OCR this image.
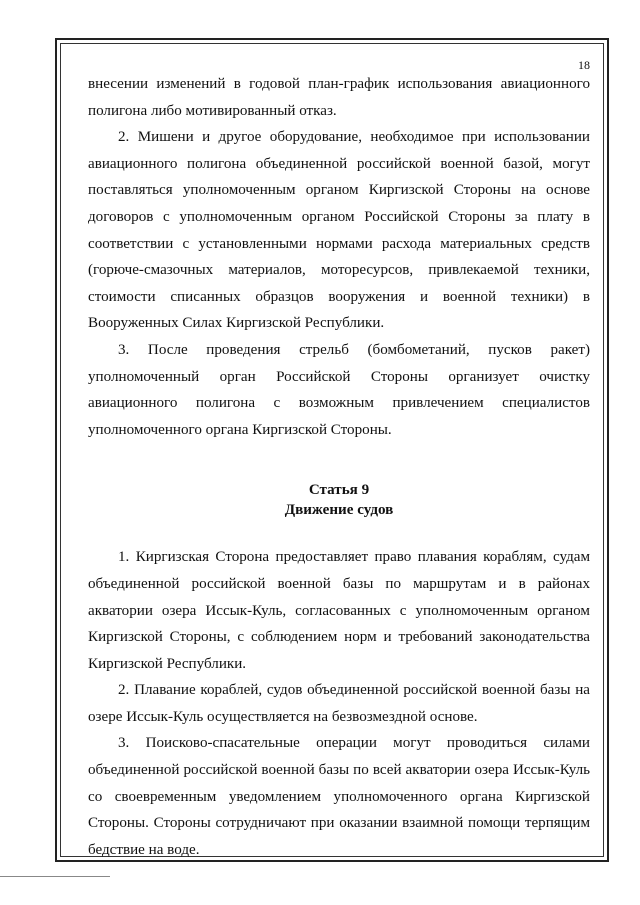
18

внесении изменений в годовой план-график использования авиационного полигона либо мотивированный отказ.

2. Мишени и другое оборудование, необходимое при использовании авиационного полигона объединенной российской военной базой, могут поставляться уполномоченным органом Киргизской Стороны на основе договоров с уполномоченным органом Российской Стороны за плату в соответствии с установленными нормами расхода материальных средств (горюче-смазочных материалов, моторесурсов, привлекаемой техники, стоимости списанных образцов вооружения и военной техники) в Вооруженных Силах Киргизской Республики.

3. После проведения стрельб (бомбометаний, пусков ракет) уполномоченный орган Российской Стороны организует очистку авиационного полигона с возможным привлечением специалистов уполномоченного органа Киргизской Стороны.

Статья 9
Движение судов

1. Киргизская Сторона предоставляет право плавания кораблям, судам объединенной российской военной базы по маршрутам и в районах акватории озера Иссык-Куль, согласованных с уполномоченным органом Киргизской Стороны, с соблюдением норм и требований законодательства Киргизской Республики.

2. Плавание кораблей, судов объединенной российской военной базы на озере Иссык-Куль осуществляется на безвозмездной основе.

3. Поисково-спасательные операции могут проводиться силами объединенной российской военной базы по всей акватории озера Иссык-Куль со своевременным уведомлением уполномоченного органа Киргизской Стороны. Стороны сотрудничают при оказании взаимной помощи терпящим бедствие на воде.
